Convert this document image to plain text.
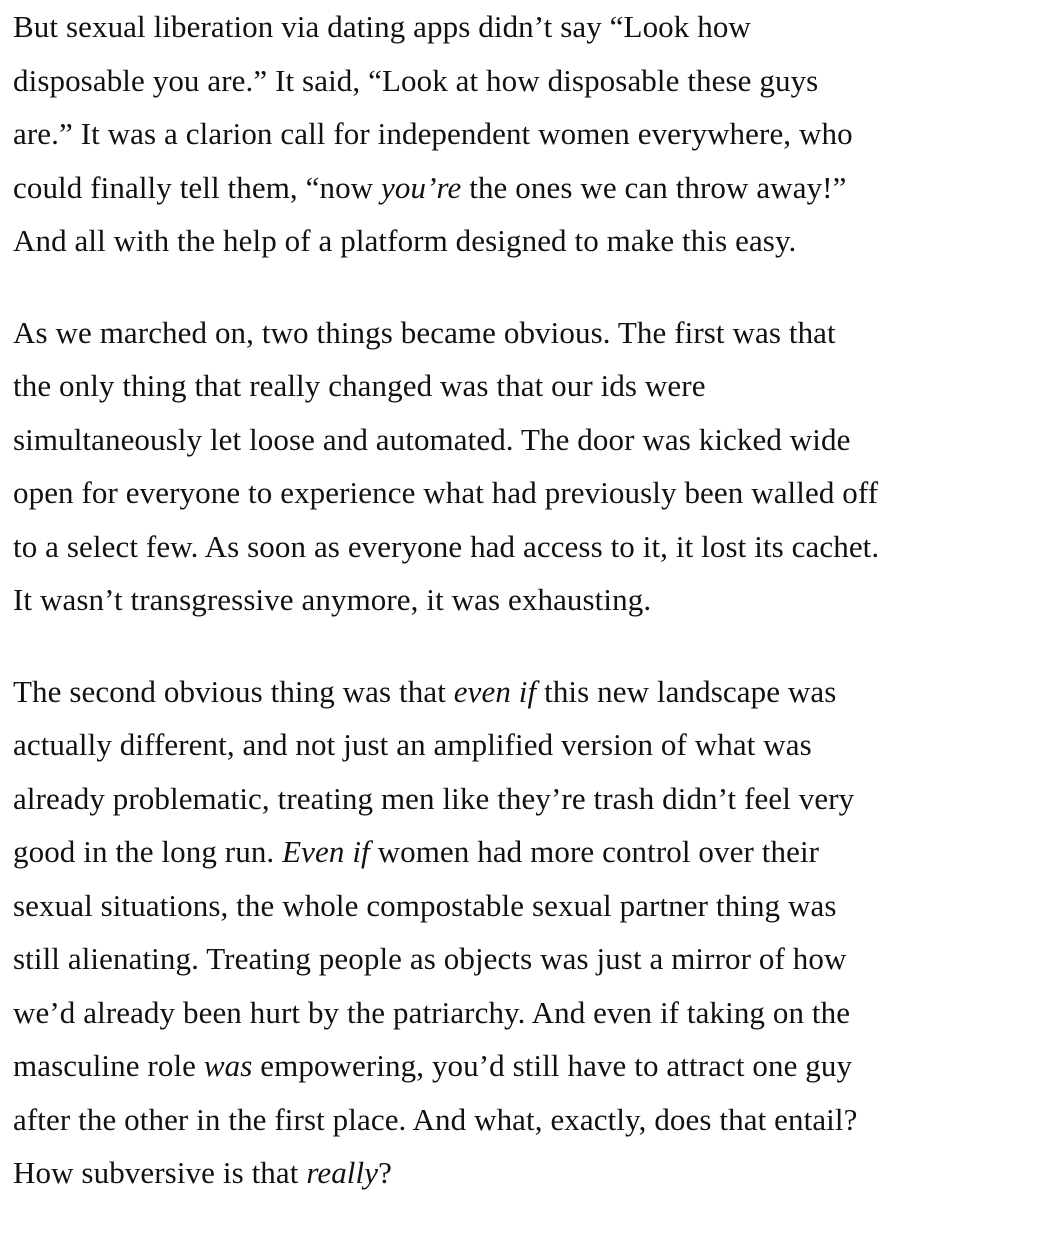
But sexual liberation via dating apps didn’t say “Look how
disposable you are.” It said, “Look at how disposable these guys
are.” It was a clarion call for independent women everywhere, who
could finally tell them, “now you’re the ones we can throw away!”
And all with the help of a platform designed to make this easy.

As we marched on, two things became obvious. The first was that
the only thing that really changed was that our ids were
simultaneously let loose and automated. The door was kicked wide
open for everyone to experience what had previously been walled off
to a select few. As soon as everyone had access to it, it lost its cachet.
It wasn’t transgressive anymore, it was exhausting.

The second obvious thing was that even if this new landscape was
actually different, and not just an amplified version of what was
already problematic, treating men like they’re trash didn’t feel very
good in the long run. Even if women had more control over their
sexual situations, the whole compostable sexual partner thing was
still alienating. Treating people as objects was just a mirror of how
we’d already been hurt by the patriarchy. And even if taking on the
masculine role was empowering, you’d still have to attract one guy
after the other in the first place. And what, exactly, does that entail?
How subversive is that really?
